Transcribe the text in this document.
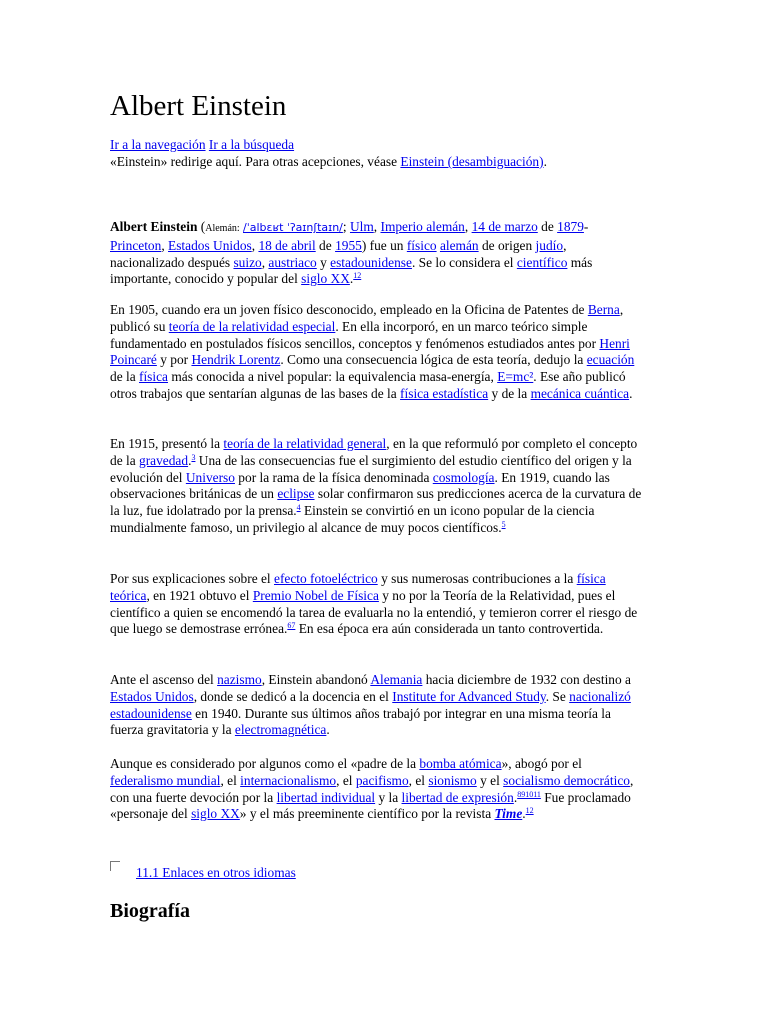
Albert Einstein
Ir a la navegación Ir a la búsqueda
«Einstein» redirige aquí. Para otras acepciones, véase Einstein (desambiguación).

Albert Einstein (Alemán: /ˈalbɛʁt ˈʔaɪnʃtaɪn/; Ulm, Imperio alemán, 14 de marzo de 1879-Princeton, Estados Unidos, 18 de abril de 1955) fue un físico alemán de origen judío, nacionalizado después suizo, austriaco y estadounidense. Se lo considera el científico más importante, conocido y popular del siglo XX.$^{12}$

En 1905, cuando era un joven físico desconocido, empleado en la Oficina de Patentes de Berna, publicó su teoría de la relatividad especial. En ella incorporó, en un marco teórico simple fundamentado en postulados físicos sencillos, conceptos y fenómenos estudiados antes por Henri Poincaré y por Hendrik Lorentz. Como una consecuencia lógica de esta teoría, dedujo la ecuación de la física más conocida a nivel popular: la equivalencia masa-energía, E=mc². Ese año publicó otros trabajos que sentarían algunas de las bases de la física estadística y de la mecánica cuántica.

En 1915, presentó la teoría de la relatividad general, en la que reformuló por completo el concepto de la gravedad.$^3$ Una de las consecuencias fue el surgimiento del estudio científico del origen y la evolución del Universo por la rama de la física denominada cosmología. En 1919, cuando las observaciones británicas de un eclipse solar confirmaron sus predicciones acerca de la curvatura de la luz, fue idolatrado por la prensa.$^4$ Einstein se convirtió en un icono popular de la ciencia mundialmente famoso, un privilegio al alcance de muy pocos científicos.$^5$

Por sus explicaciones sobre el efecto fotoeléctrico y sus numerosas contribuciones a la física teórica, en 1921 obtuvo el Premio Nobel de Física y no por la Teoría de la Relatividad, pues el científico a quien se encomendó la tarea de evaluarla no la entendió, y temieron correr el riesgo de que luego se demostrase errónea.$^{67}$ En esa época era aún considerada un tanto controvertida.

Ante el ascenso del nazismo, Einstein abandonó Alemania hacia diciembre de 1932 con destino a Estados Unidos, donde se dedicó a la docencia en el Institute for Advanced Study. Se nacionalizó estadounidense en 1940. Durante sus últimos años trabajó por integrar en una misma teoría la fuerza gravitatoria y la electromagnética.

Aunque es considerado por algunos como el «padre de la bomba atómica», abogó por el federalismo mundial, el internacionalismo, el pacifismo, el sionismo y el socialismo democrático, con una fuerte devoción por la libertad individual y la libertad de expresión.$^{891011}$ Fue proclamado «personaje del siglo XX» y el más preeminente científico por la revista Time.$^{12}$

11.1 Enlaces en otros idiomas
Biografía
